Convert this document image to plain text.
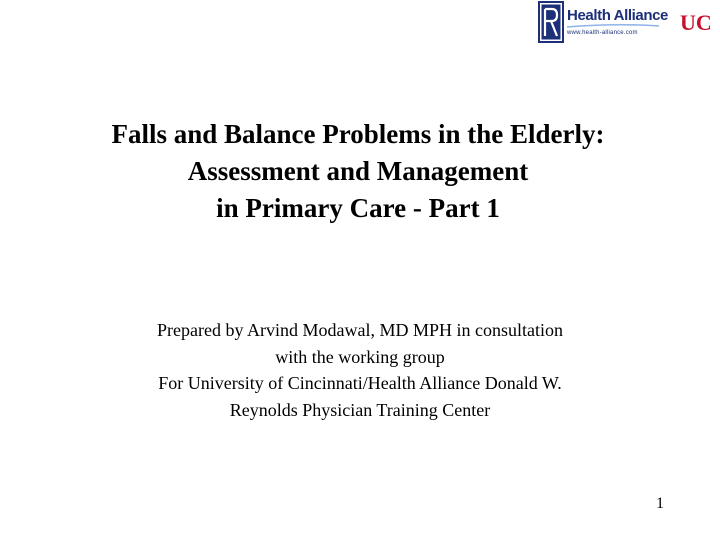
Health Alliance
www.health-alliance.com	UC
Falls and Balance Problems in the Elderly:
Assessment and Management
in Primary Care - Part 1

Prepared by Arvind Modawal, MD MPH in consultation
with the working group
For University of Cincinnati/Health Alliance Donald W.
Reynolds Physician Training Center

1
